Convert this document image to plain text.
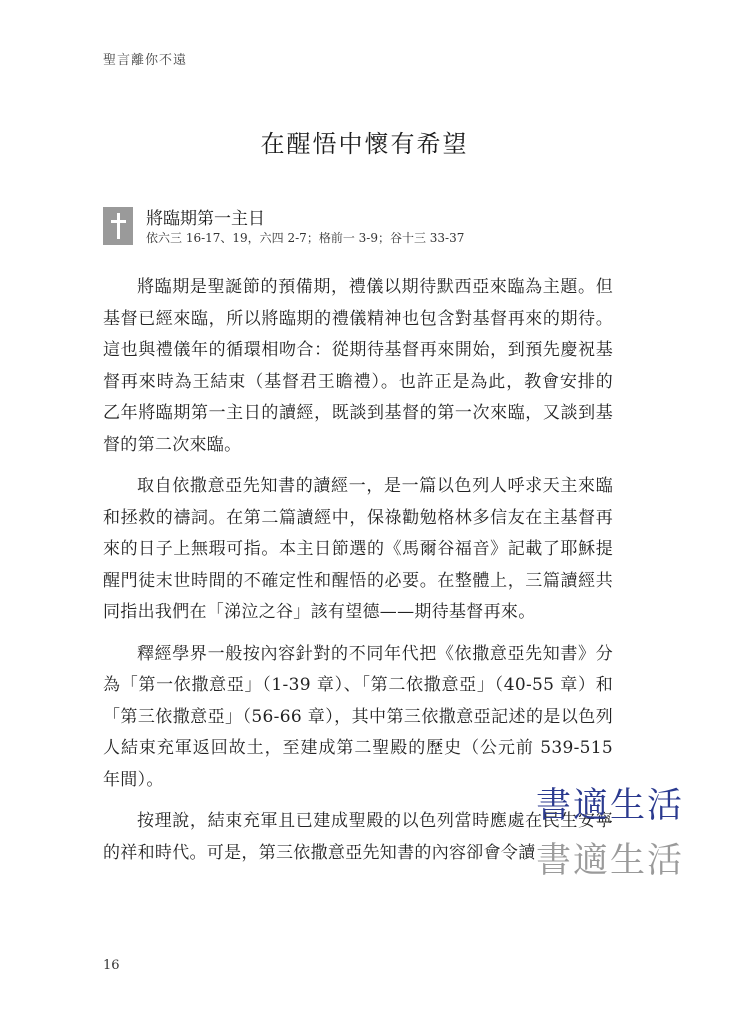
聖言離你不遠
在醒悟中懷有希望
將臨期第一主日
依六三 16-17、19，六四 2-7；格前一 3-9；谷十三 33-37

將臨期是聖誕節的預備期，禮儀以期待默西亞來臨為主題。但基督已經來臨，所以將臨期的禮儀精神也包含對基督再來的期待。這也與禮儀年的循環相吻合：從期待基督再來開始，到預先慶祝基督再來時為王結束（基督君王瞻禮）。也許正是為此，教會安排的乙年將臨期第一主日的讀經，既談到基督的第一次來臨，又談到基督的第二次來臨。

取自依撒意亞先知書的讀經一，是一篇以色列人呼求天主來臨和拯救的禱詞。在第二篇讀經中，保祿勸勉格林多信友在主基督再來的日子上無瑕可指。本主日節選的《馬爾谷福音》記載了耶穌提醒門徒末世時間的不確定性和醒悟的必要。在整體上，三篇讀經共同指出我們在「涕泣之谷」該有望德——期待基督再來。

釋經學界一般按內容針對的不同年代把《依撒意亞先知書》分為「第一依撒意亞」（1-39 章）、「第二依撒意亞」（40-55 章）和「第三依撒意亞」（56-66 章），其中第三依撒意亞記述的是以色列人結束充軍返回故土，至建成第二聖殿的歷史（公元前 539-515 年間）。

按理說，結束充軍且已建成聖殿的以色列當時應處在民生安寧的祥和時代。可是，第三依撒意亞先知書的內容卻會令讀

書適生活
書適生活
16
